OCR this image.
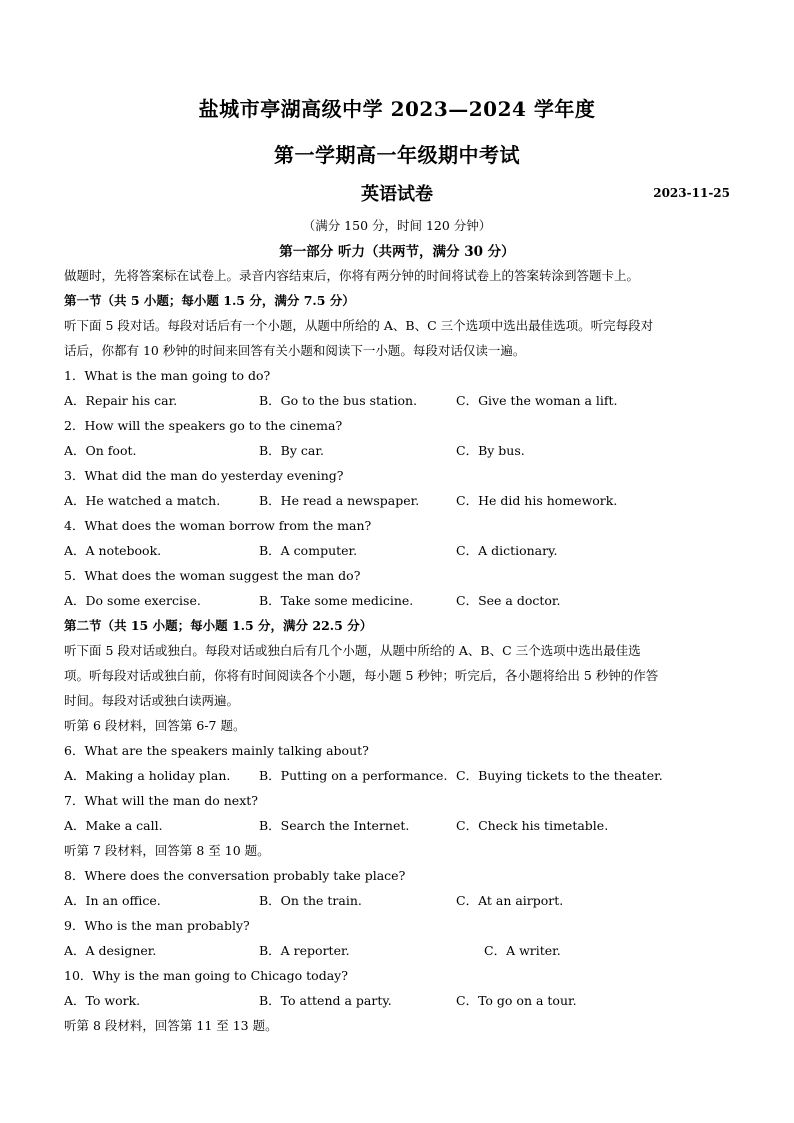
盐城市亭湖高级中学 2023—2024 学年度
第一学期高一年级期中考试
英语试卷	2023-11-25
（满分 150 分，时间 120 分钟）
第一部分 听力（共两节，满分 30 分）
做题时，先将答案标在试卷上。录音内容结束后，你将有两分钟的时间将试卷上的答案转涂到答题卡上。
第一节（共 5 小题；每小题 1.5 分，满分 7.5 分）
听下面 5 段对话。每段对话后有一个小题，从题中所给的 A、B、C 三个选项中选出最佳选项。听完每段对
话后，你都有 10 秒钟的时间来回答有关小题和阅读下一小题。每段对话仅读一遍。
1．What is the man going to do?
A．Repair his car.	B．Go to the bus station.	C．Give the woman a lift.
2．How will the speakers go to the cinema?
A．On foot.	B．By car.	C．By bus.
3．What did the man do yesterday evening?
A．He watched a match.	B．He read a newspaper.	C．He did his homework.
4．What does the woman borrow from the man?
A．A notebook.	B．A computer.	C．A dictionary.
5．What does the woman suggest the man do?
A．Do some exercise.	B．Take some medicine.	C．See a doctor.
第二节（共 15 小题；每小题 1.5 分，满分 22.5 分）
听下面 5 段对话或独白。每段对话或独白后有几个小题，从题中所给的 A、B、C 三个选项中选出最佳选
项。听每段对话或独白前，你将有时间阅读各个小题，每小题 5 秒钟；听完后，各小题将给出 5 秒钟的作答
时间。每段对话或独白读两遍。
听第 6 段材料，回答第 6-7 题。
6．What are the speakers mainly talking about?
A．Making a holiday plan. B．Putting on a performance. C．Buying tickets to the theater.
7．What will the man do next?
A．Make a call.	B．Search the Internet.	C．Check his timetable.
听第 7 段材料，回答第 8 至 10 题。
8．Where does the conversation probably take place?
A．In an office.	B．On the train.	C．At an airport.
9．Who is the man probably?
A．A designer.	B．A reporter.	C．A writer.
10．Why is the man going to Chicago today?
A．To work.	B．To attend a party.	C．To go on a tour.
听第 8 段材料，回答第 11 至 13 题。
